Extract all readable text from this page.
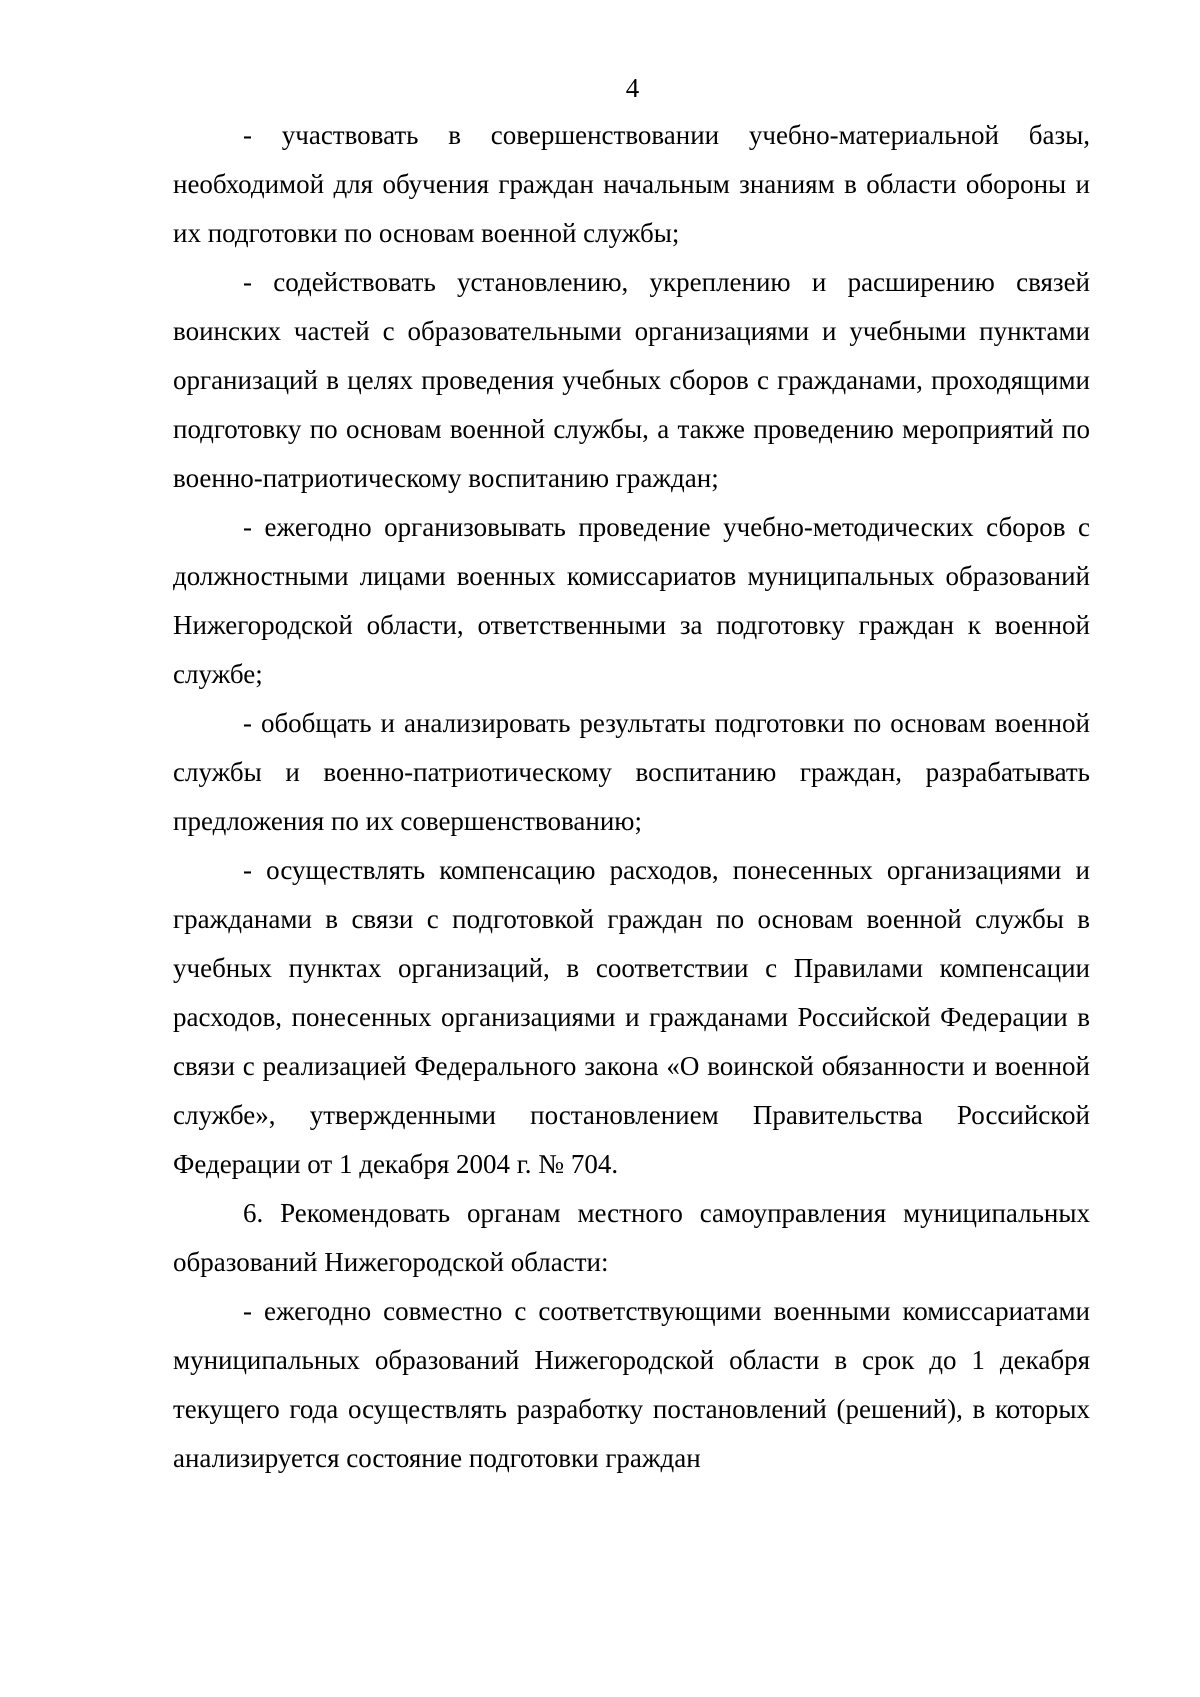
4

- участвовать в совершенствовании учебно-материальной базы, необходимой для обучения граждан начальным знаниям в области обороны и их подготовки по основам военной службы;

- содействовать установлению, укреплению и расширению связей воинских частей с образовательными организациями и учебными пунктами организаций в целях проведения учебных сборов с гражданами, проходящими подготовку по основам военной службы, а также проведению мероприятий по военно-патриотическому воспитанию граждан;

- ежегодно организовывать проведение учебно-методических сборов с должностными лицами военных комиссариатов муниципальных образований Нижегородской области, ответственными за подготовку граждан к военной службе;

- обобщать и анализировать результаты подготовки по основам военной службы и военно-патриотическому воспитанию граждан, разрабатывать предложения по их совершенствованию;

- осуществлять компенсацию расходов, понесенных организациями и гражданами в связи с подготовкой граждан по основам военной службы в учебных пунктах организаций, в соответствии с Правилами компенсации расходов, понесенных организациями и гражданами Российской Федерации в связи с реализацией Федерального закона «О воинской обязанности и военной службе», утвержденными постановлением Правительства Российской Федерации от 1 декабря 2004 г. № 704.

6. Рекомендовать органам местного самоуправления муниципальных образований Нижегородской области:

- ежегодно совместно с соответствующими военными комиссариатами муниципальных образований Нижегородской области в срок до 1 декабря текущего года осуществлять разработку постановлений (решений), в которых анализируется состояние подготовки граждан
